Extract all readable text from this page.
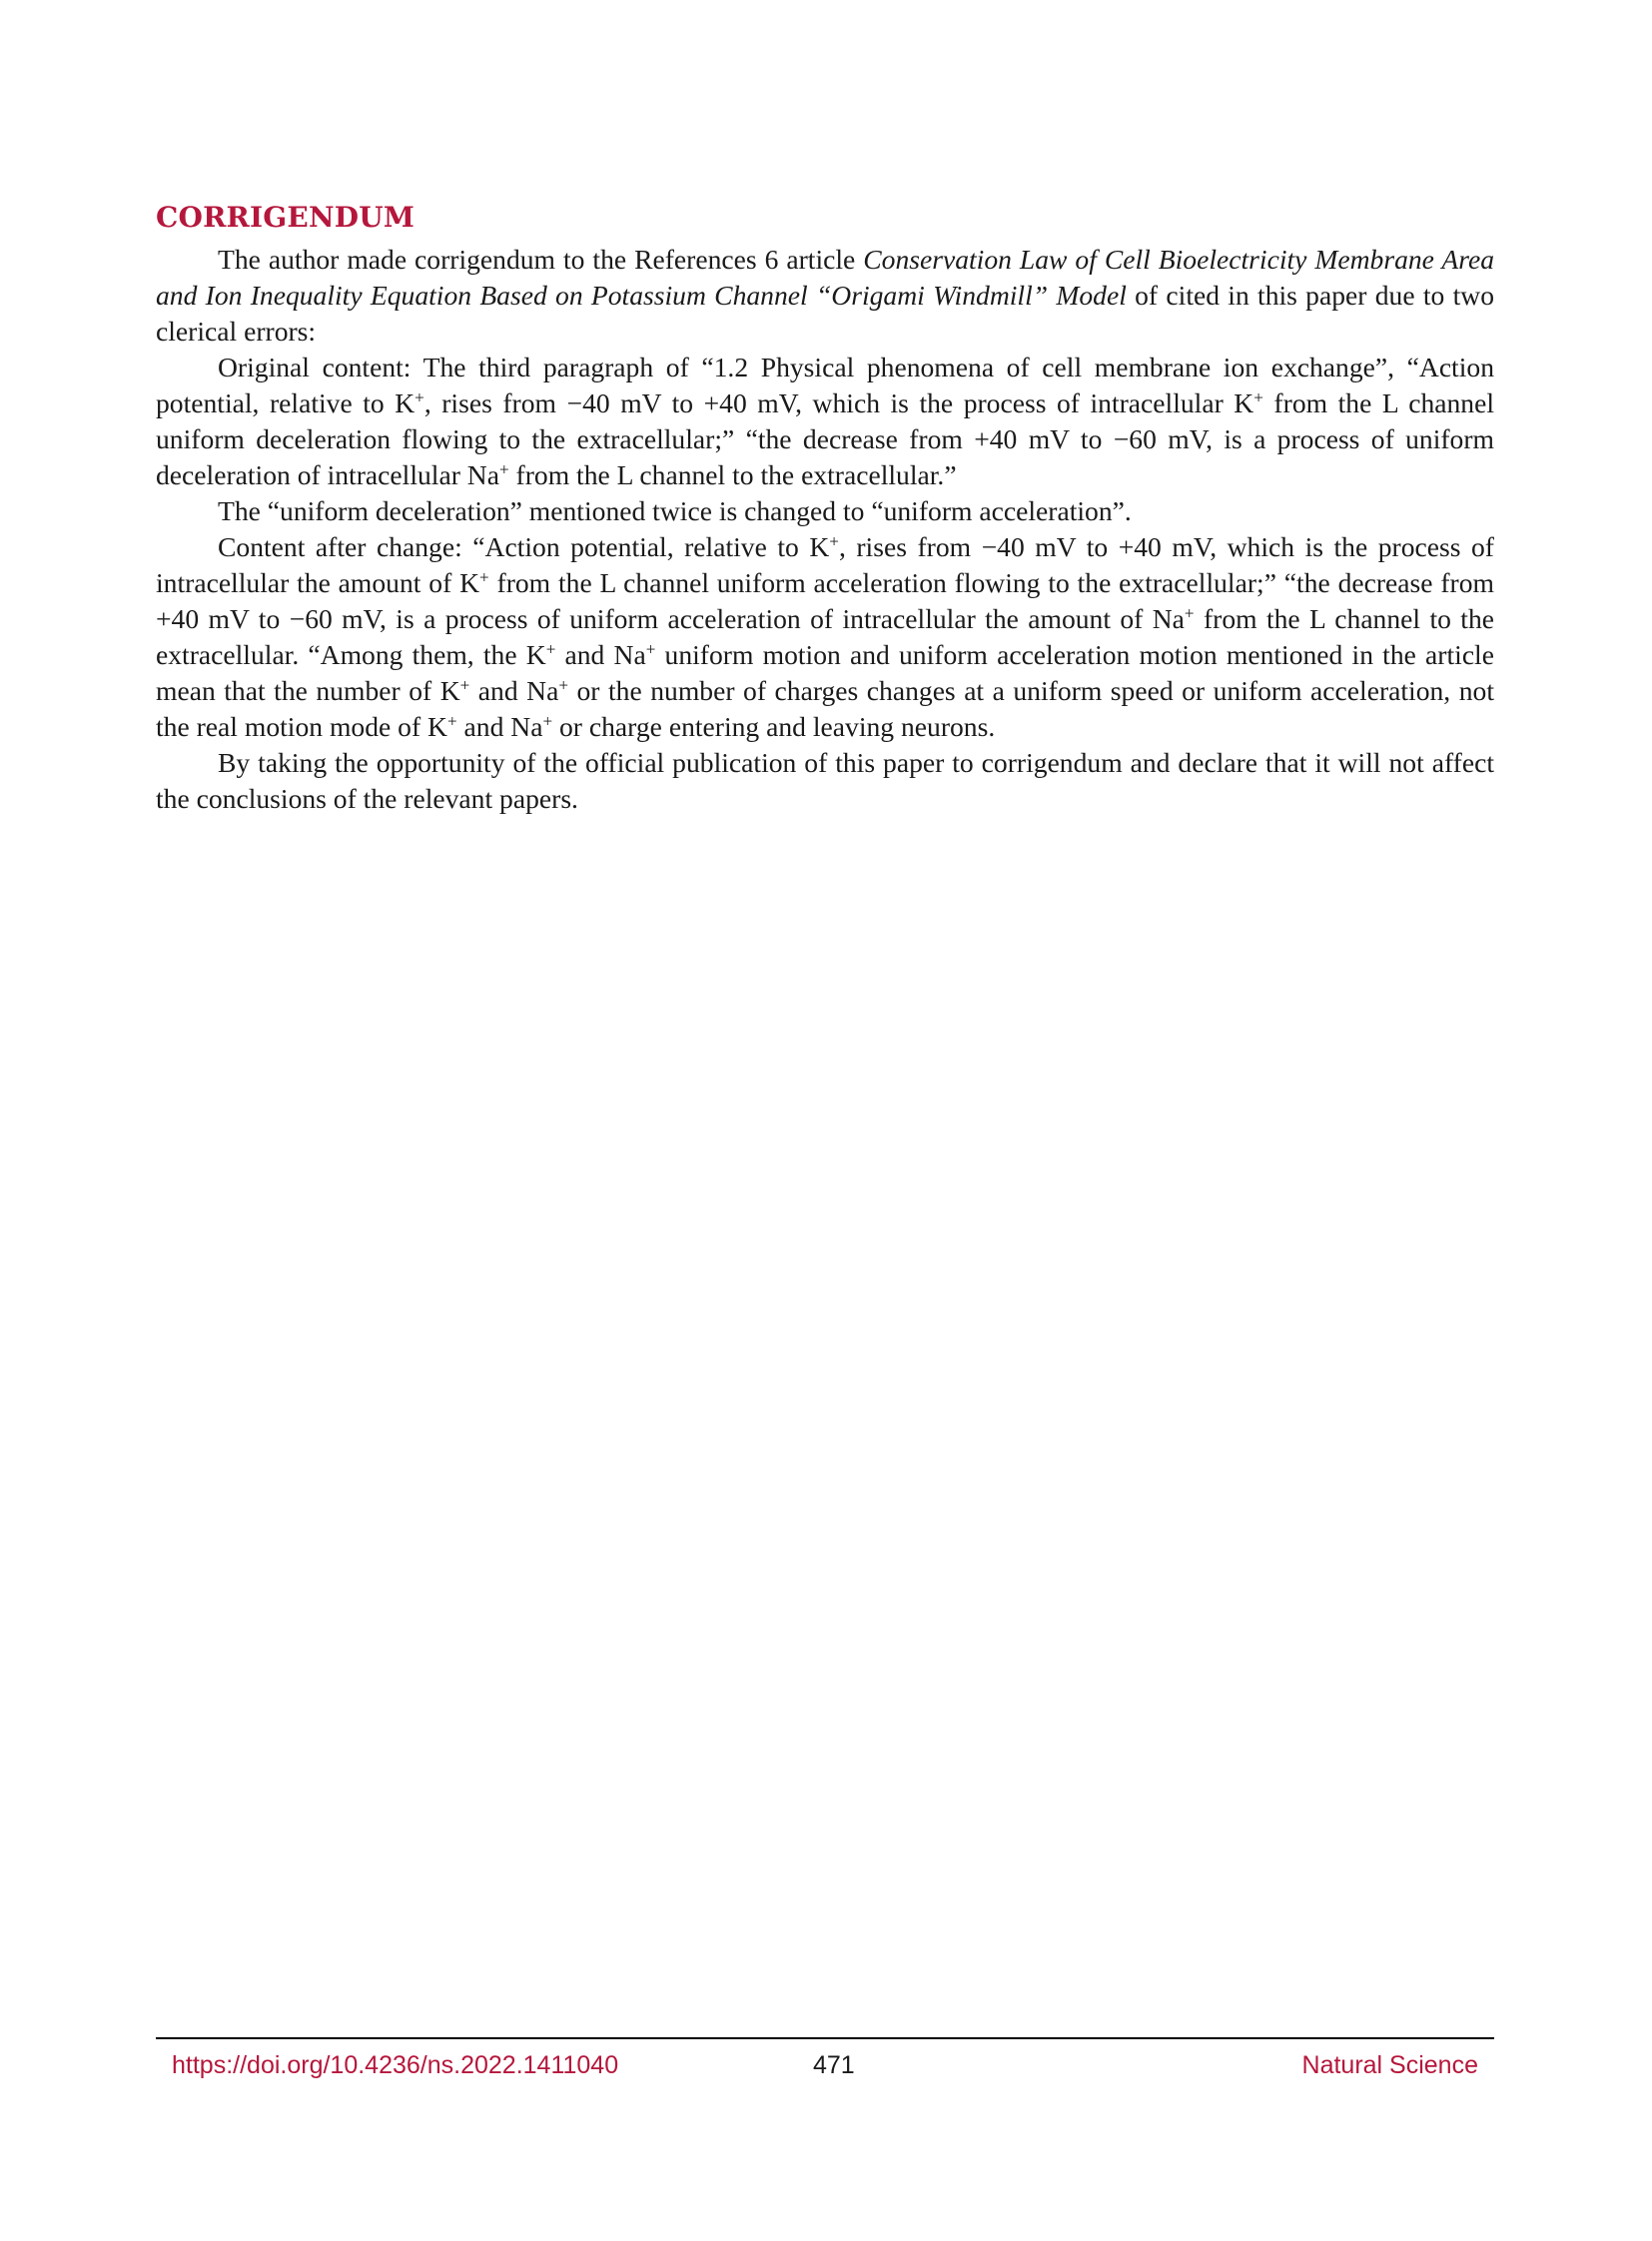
CORRIGENDUM

The author made corrigendum to the References 6 article Conservation Law of Cell Bioelectricity Membrane Area and Ion Inequality Equation Based on Potassium Channel “Origami Windmill” Model of cited in this paper due to two clerical errors:

Original content: The third paragraph of “1.2 Physical phenomena of cell membrane ion exchange”, “Action potential, relative to K+, rises from −40 mV to +40 mV, which is the process of intracellular K+ from the L channel uniform deceleration flowing to the extracellular;” “the decrease from +40 mV to −60 mV, is a process of uniform deceleration of intracellular Na+ from the L channel to the extracellular.”

The “uniform deceleration” mentioned twice is changed to “uniform acceleration”.

Content after change: “Action potential, relative to K+, rises from −40 mV to +40 mV, which is the process of intracellular the amount of K+ from the L channel uniform acceleration flowing to the extracellular;” “the decrease from +40 mV to −60 mV, is a process of uniform acceleration of intracellular the amount of Na+ from the L channel to the extracellular. “Among them, the K+ and Na+ uniform motion and uniform acceleration motion mentioned in the article mean that the number of K+ and Na+ or the number of charges changes at a uniform speed or uniform acceleration, not the real motion mode of K+ and Na+ or charge entering and leaving neurons.

By taking the opportunity of the official publication of this paper to corrigendum and declare that it will not affect the conclusions of the relevant papers.

https://doi.org/10.4236/ns.2022.1411040	471	Natural Science
